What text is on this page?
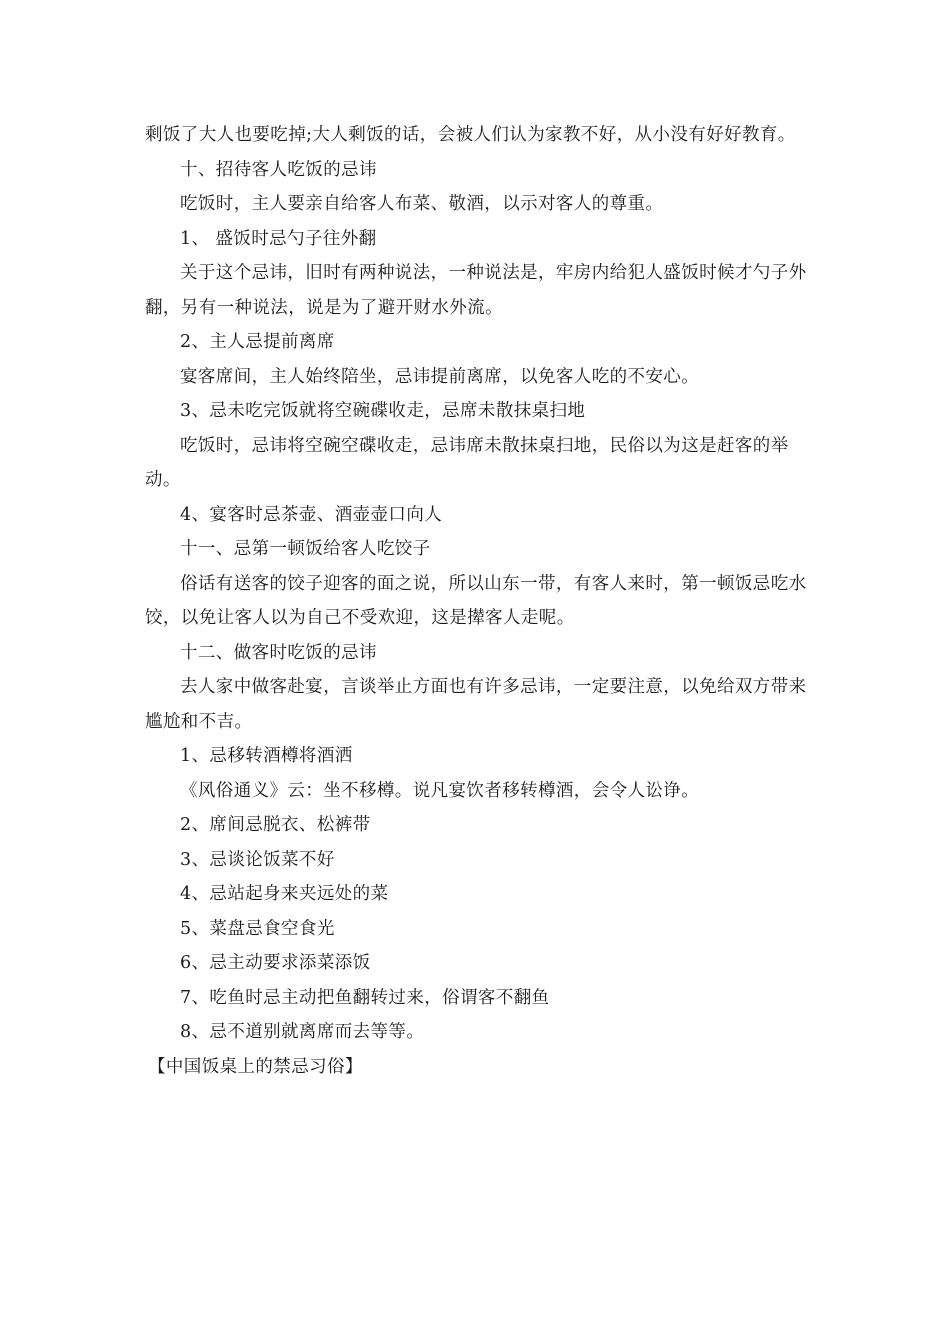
剩饭了大人也要吃掉;大人剩饭的话，会被人们认为家教不好，从小没有好好教育。

十、招待客人吃饭的忌讳

吃饭时，主人要亲自给客人布菜、敬酒，以示对客人的尊重。

1、 盛饭时忌勺子往外翻

关于这个忌讳，旧时有两种说法，一种说法是，牢房内给犯人盛饭时候才勺子外翻，另有一种说法，说是为了避开财水外流。

2、主人忌提前离席

宴客席间，主人始终陪坐，忌讳提前离席，以免客人吃的不安心。

3、忌未吃完饭就将空碗碟收走，忌席未散抹桌扫地

吃饭时，忌讳将空碗空碟收走，忌讳席未散抹桌扫地，民俗以为这是赶客的举动。

4、宴客时忌茶壶、酒壶壶口向人

十一、忌第一顿饭给客人吃饺子

俗话有送客的饺子迎客的面之说，所以山东一带，有客人来时，第一顿饭忌吃水饺，以免让客人以为自己不受欢迎，这是撵客人走呢。

十二、做客时吃饭的忌讳

去人家中做客赴宴，言谈举止方面也有许多忌讳，一定要注意，以免给双方带来尴尬和不吉。

1、忌移转酒樽将酒洒

《风俗通义》云：坐不移樽。说凡宴饮者移转樽酒，会令人讼诤。

2、席间忌脱衣、松裤带

3、忌谈论饭菜不好

4、忌站起身来夹远处的菜

5、菜盘忌食空食光

6、忌主动要求添菜添饭

7、吃鱼时忌主动把鱼翻转过来，俗谓客不翻鱼

8、忌不道别就离席而去等等。

【中国饭桌上的禁忌习俗】
